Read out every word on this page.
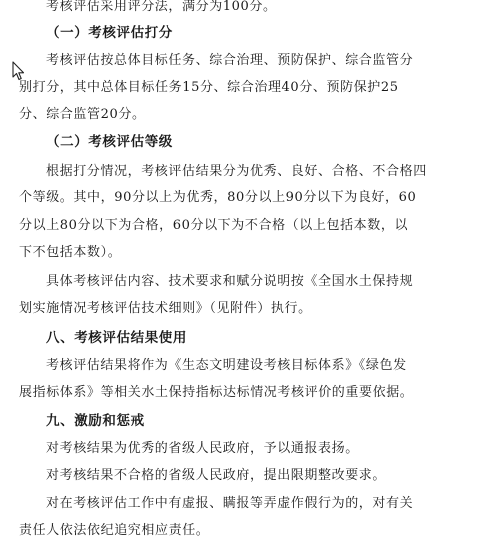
考核评估采用评分法，满分为100分。
（一）考核评估打分
考核评估按总体目标任务、综合治理、预防保护、综合监管分
别打分，其中总体目标任务15分、综合治理40分、预防保护25
分、综合监管20分。
（二）考核评估等级
根据打分情况，考核评估结果分为优秀、良好、合格、不合格四
个等级。其中，90分以上为优秀，80分以上90分以下为良好，60
分以上80分以下为合格，60分以下为不合格（以上包括本数，以
下不包括本数）。
具体考核评估内容、技术要求和赋分说明按《全国水土保持规
划实施情况考核评估技术细则》（见附件）执行。
八、考核评估结果使用
考核评估结果将作为《生态文明建设考核目标体系》《绿色发
展指标体系》等相关水土保持指标达标情况考核评价的重要依据。
九、激励和惩戒
对考核结果为优秀的省级人民政府，予以通报表扬。
对考核结果不合格的省级人民政府，提出限期整改要求。
对在考核评估工作中有虚报、瞒报等弄虚作假行为的，对有关
责任人依法依纪追究相应责任。
